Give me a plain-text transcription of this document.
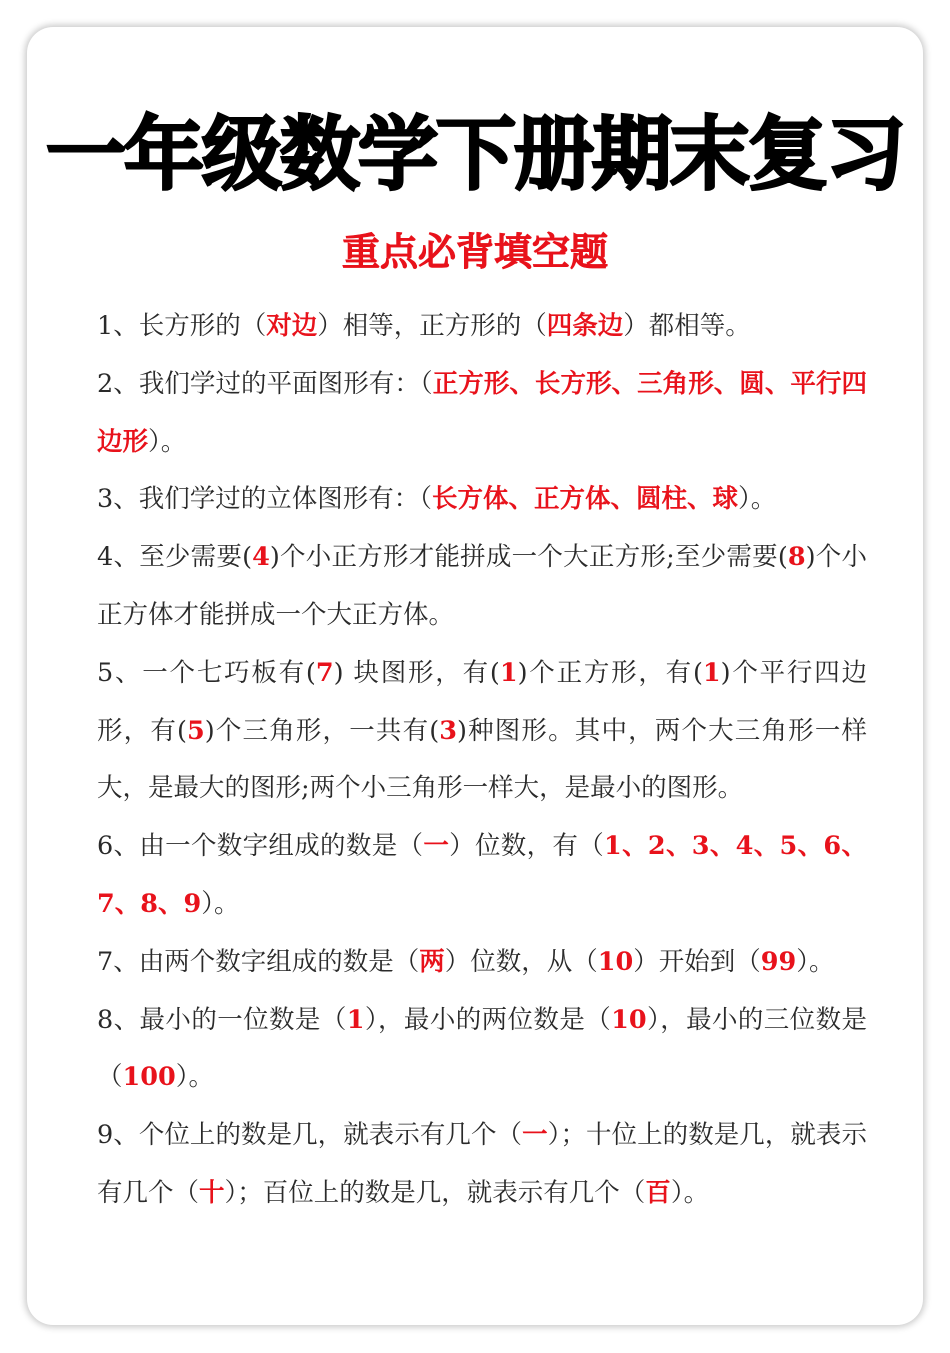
一年级数学下册期末复习
重点必背填空题

1、长方形的（对边）相等，正方形的（四条边）都相等。

2、我们学过的平面图形有：（正方形、长方形、三角形、圆、平行四边形）。

3、我们学过的立体图形有：（长方体、正方体、圆柱、球）。

4、至少需要(4)个小正方形才能拼成一个大正方形;至少需要(8)个小正方体才能拼成一个大正方体。

5、一个七巧板有(7) 块图形，有(1)个正方形，有(1)个平行四边形，有(5)个三角形，一共有(3)种图形。其中，两个大三角形一样大，是最大的图形;两个小三角形一样大，是最小的图形。

6、由一个数字组成的数是（一）位数，有（1、2、3、4、5、6、7、8、9）。

7、由两个数字组成的数是（两）位数，从（10）开始到（99）。

8、最小的一位数是（1），最小的两位数是（10），最小的三位数是（100）。

9、个位上的数是几，就表示有几个（一）；十位上的数是几，就表示有几个（十）；百位上的数是几，就表示有几个（百）。
